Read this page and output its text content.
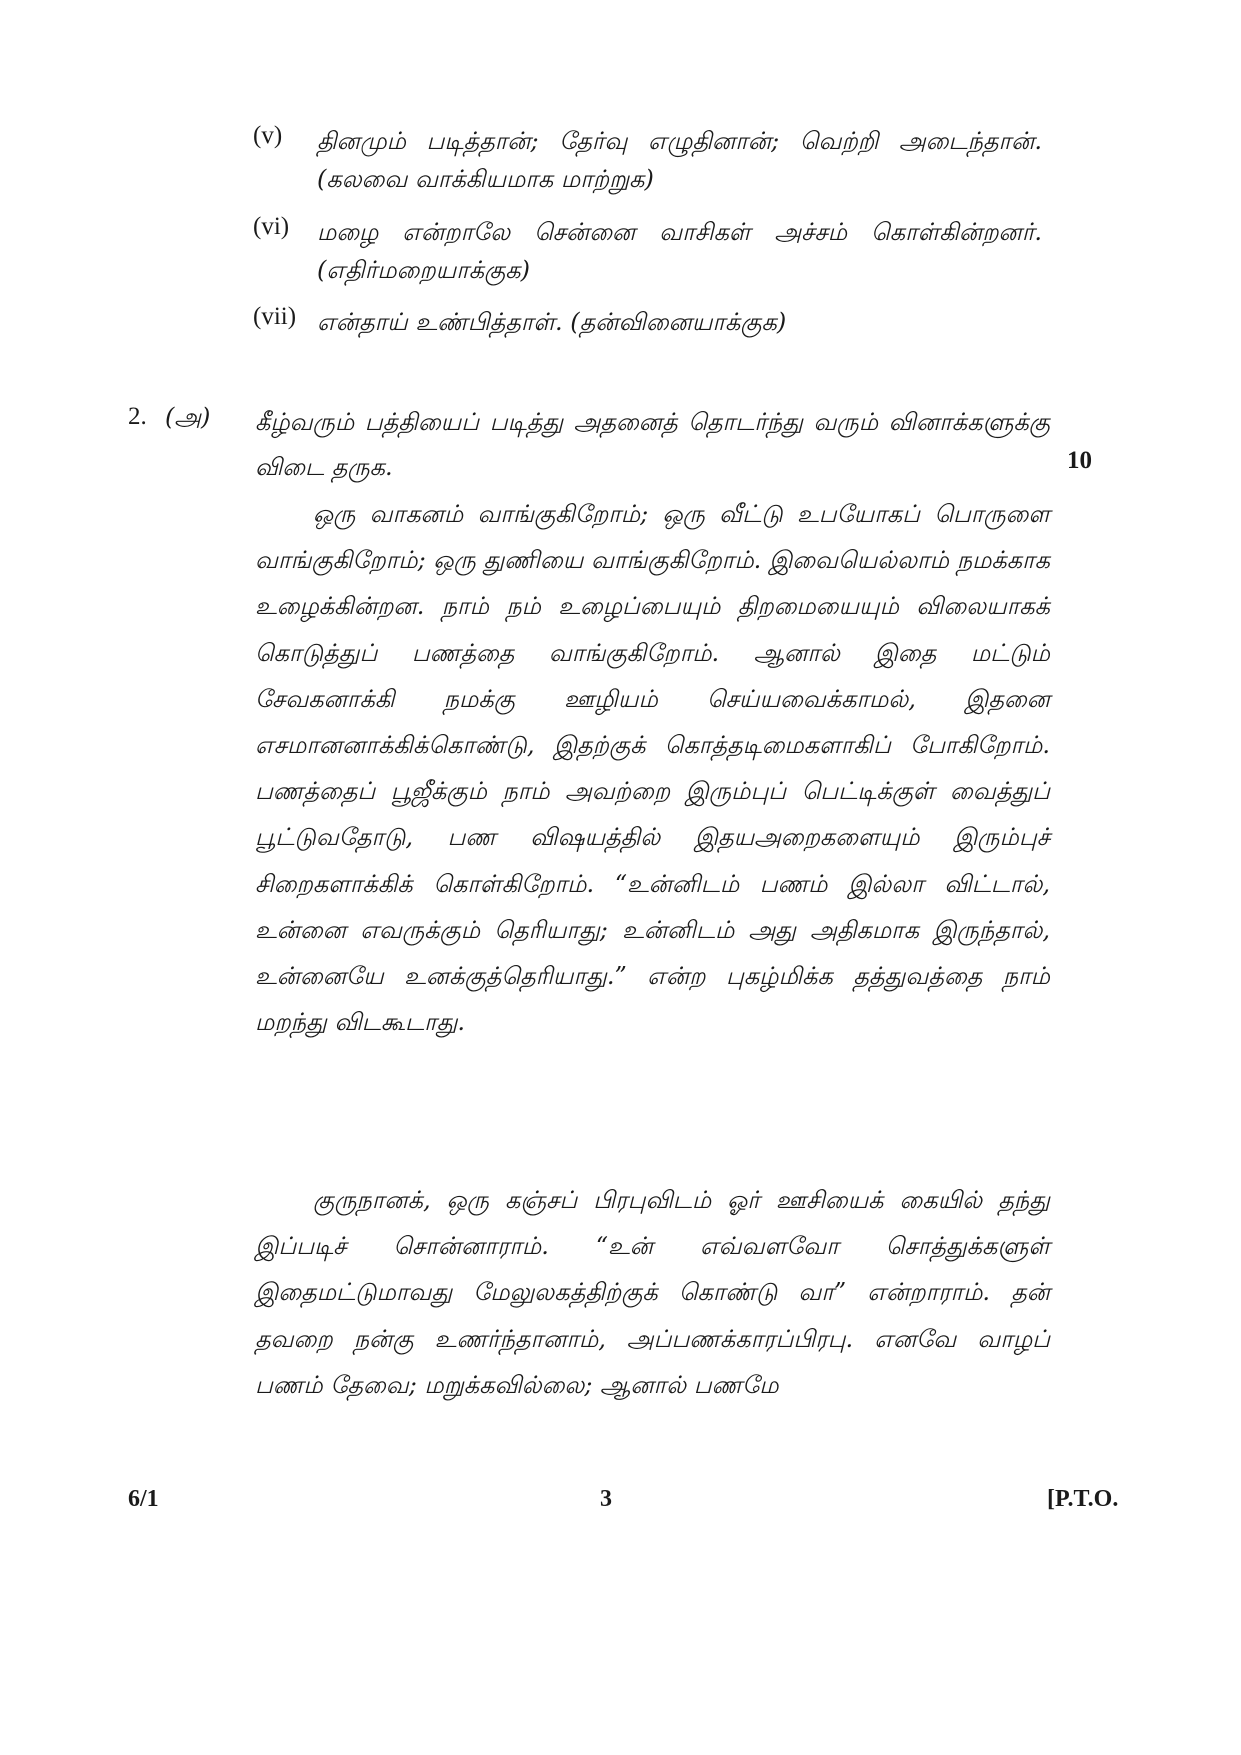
(v) தினமும் படித்தான்; தேர்வு எழுதினான்; வெற்றி அடைந்தான். (கலவை வாக்கியமாக மாற்றுக)
(vi) மழை என்றாலே சென்னை வாசிகள் அச்சம் கொள்கின்றனர். (எதிர்மறையாக்குக)
(vii) என்தாய் உண்பித்தாள். (தன்வினையாக்குக)
2. (அ) கீழ்வரும் பத்தியைப் படித்து அதனைத் தொடர்ந்து வரும் வினாக்களுக்கு விடை தருக.	10
ஒரு வாகனம் வாங்குகிறோம்; ஒரு வீட்டு உபயோகப் பொருளை வாங்குகிறோம்; ஒரு துணியை வாங்குகிறோம். இவையெல்லாம் நமக்காக உழைக்கின்றன. நாம் நம் உழைப்பையும் திறமையையும் விலையாகக் கொடுத்துப் பணத்தை வாங்குகிறோம். ஆனால் இதை மட்டும் சேவகனாக்கி நமக்கு ஊழியம் செய்யவைக்காமல், இதனை எசமானனாக்கிக்கொண்டு, இதற்குக் கொத்தடிமைகளாகிப் போகிறோம். பணத்தைப் பூஜீக்கும் நாம் அவற்றை இரும்புப் பெட்டிக்குள் வைத்துப் பூட்டுவதோடு, பண விஷயத்தில் இதயஅறைகளையும் இரும்புச் சிறைகளாக்கிக் கொள்கிறோம். “உன்னிடம் பணம் இல்லா விட்டால், உன்னை எவருக்கும் தெரியாது; உன்னிடம் அது அதிகமாக இருந்தால், உன்னையே உனக்குத்தெரியாது.” என்ற புகழ்மிக்க தத்துவத்தை நாம் மறந்து விடகூடாது.
குருநானக், ஒரு கஞ்சப் பிரபுவிடம் ஓர் ஊசியைக் கையில் தந்து இப்படிச் சொன்னாராம். “உன் எவ்வளவோ சொத்துக்களுள் இதைமட்டுமாவது மேலுலகத்திற்குக் கொண்டு வா” என்றாராம். தன் தவறை நன்கு உணர்ந்தானாம், அப்பணக்காரப்பிரபு. எனவே வாழப் பணம் தேவை; மறுக்கவில்லை; ஆனால் பணமே
6/1	3	[P.T.O.
